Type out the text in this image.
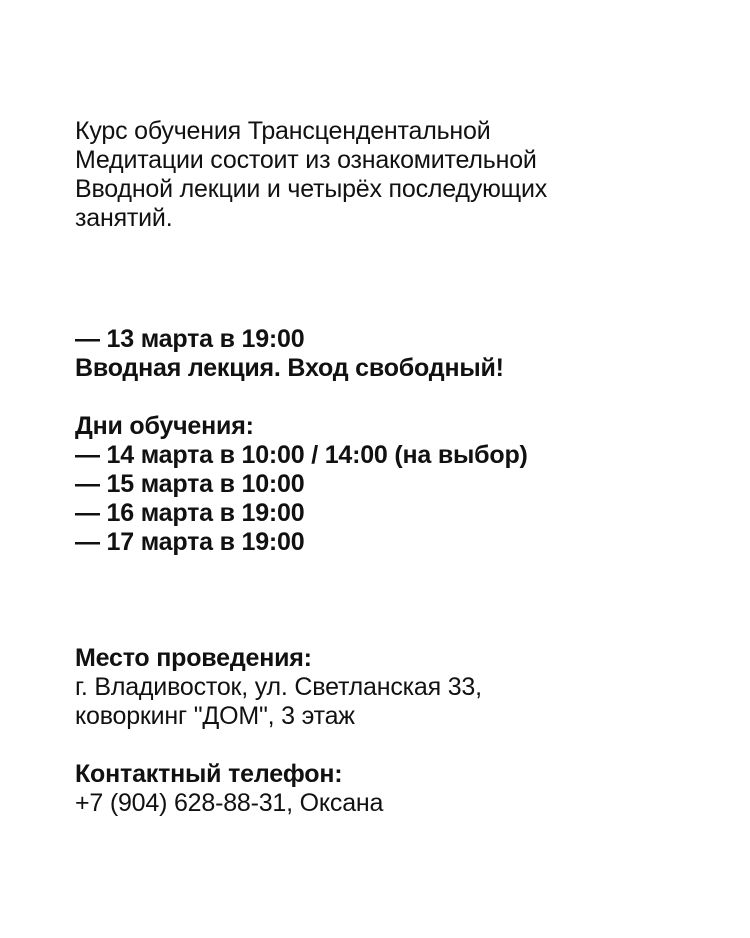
Курс обучения Трансцендентальной
Медитации состоит из ознакомительной
Вводной лекции и четырёх последующих
занятий.
— 13 марта в 19:00
Вводная лекция. Вход свободный!
Дни обучения:
— 14 марта в 10:00 / 14:00 (на выбор)
— 15 марта в 10:00
— 16 марта в 19:00
— 17 марта в 19:00
Место проведения:
г. Владивосток, ул. Светланская 33,
коворкинг "ДОМ", 3 этаж
Контактный телефон:
+7 (904) 628-88-31, Оксана
